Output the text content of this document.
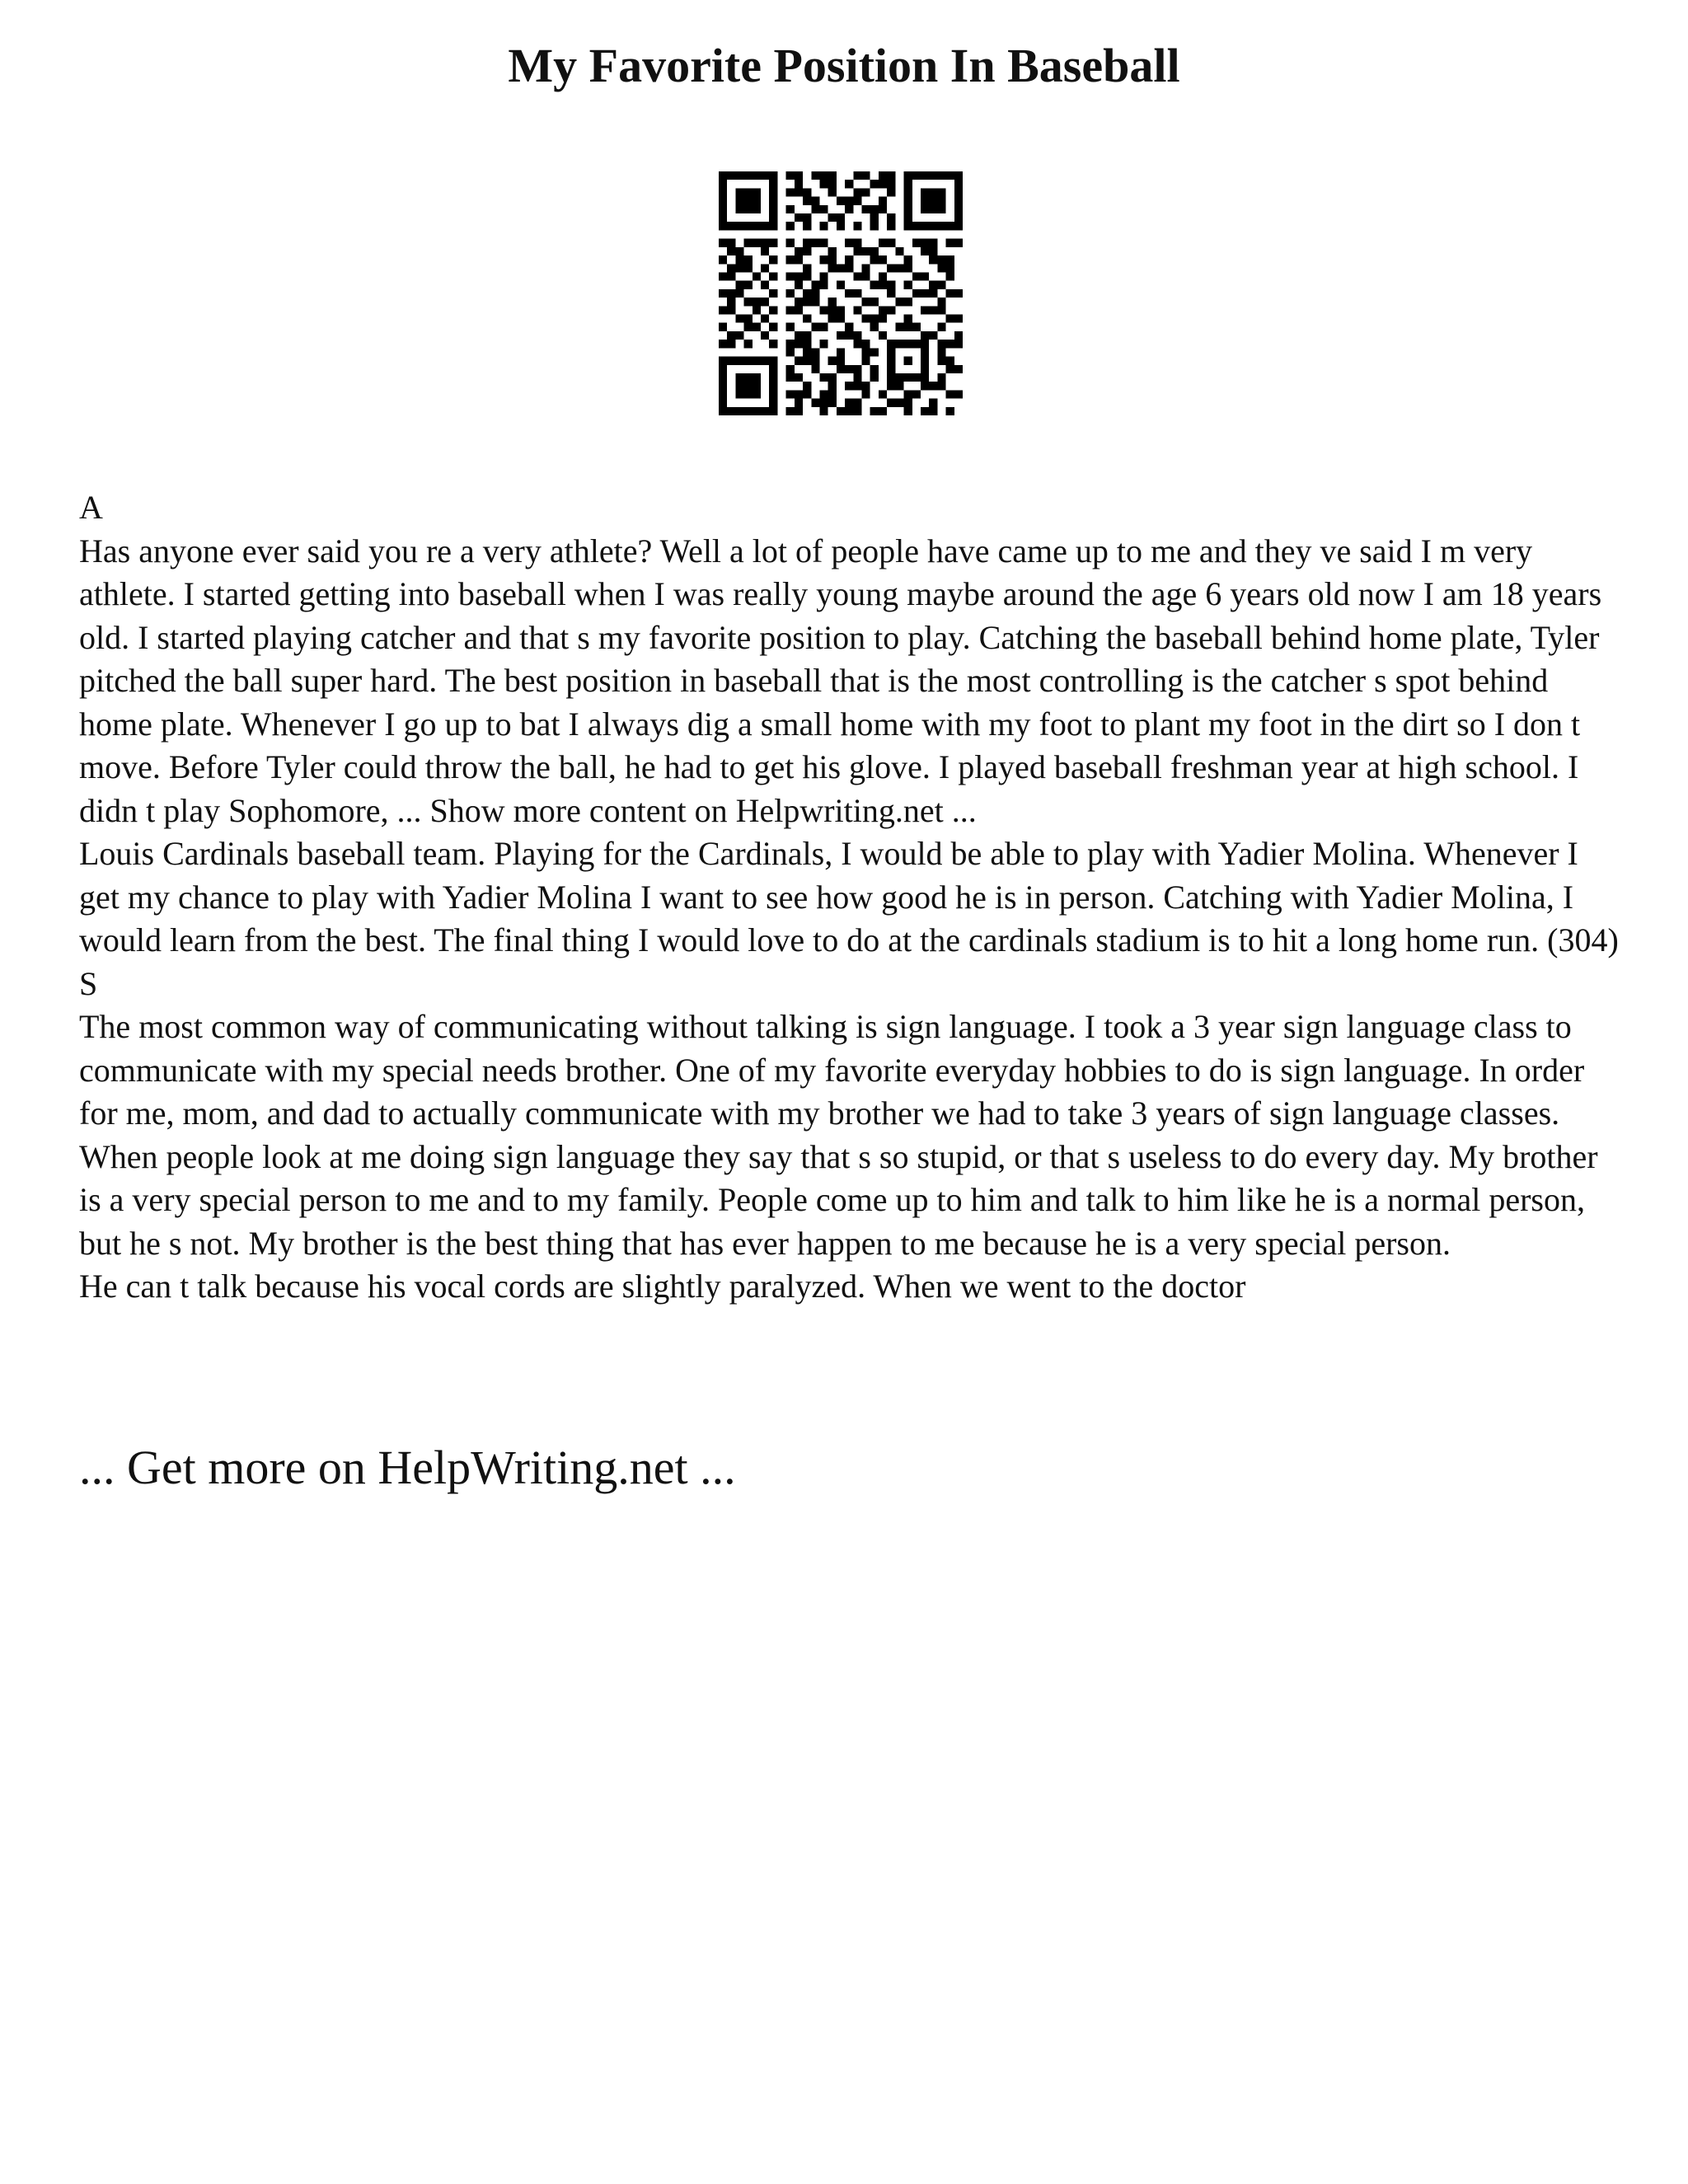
My Favorite Position In Baseball

A

Has anyone ever said you re a very athlete? Well a lot of people have came up to me and they ve said I m very athlete. I started getting into baseball when I was really young maybe around the age 6 years old now I am 18 years old. I started playing catcher and that s my favorite position to play. Catching the baseball behind home plate, Tyler pitched the ball super hard. The best position in baseball that is the most controlling is the catcher s spot behind home plate. Whenever I go up to bat I always dig a small home with my foot to plant my foot in the dirt so I don t move. Before Tyler could throw the ball, he had to get his glove. I played baseball freshman year at high school. I didn t play Sophomore, ... Show more content on Helpwriting.net ...

Louis Cardinals baseball team. Playing for the Cardinals, I would be able to play with Yadier Molina. Whenever I get my chance to play with Yadier Molina I want to see how good he is in person. Catching with Yadier Molina, I would learn from the best. The final thing I would love to do at the cardinals stadium is to hit a long home run. (304) S

The most common way of communicating without talking is sign language. I took a 3 year sign language class to communicate with my special needs brother. One of my favorite everyday hobbies to do is sign language. In order for me, mom, and dad to actually communicate with my brother we had to take 3 years of sign language classes. When people look at me doing sign language they say that s so stupid, or that s useless to do every day. My brother is a very special person to me and to my family. People come up to him and talk to him like he is a normal person, but he s not. My brother is the best thing that has ever happen to me because he is a very special person.

He can t talk because his vocal cords are slightly paralyzed. When we went to the doctor

... Get more on HelpWriting.net ...
